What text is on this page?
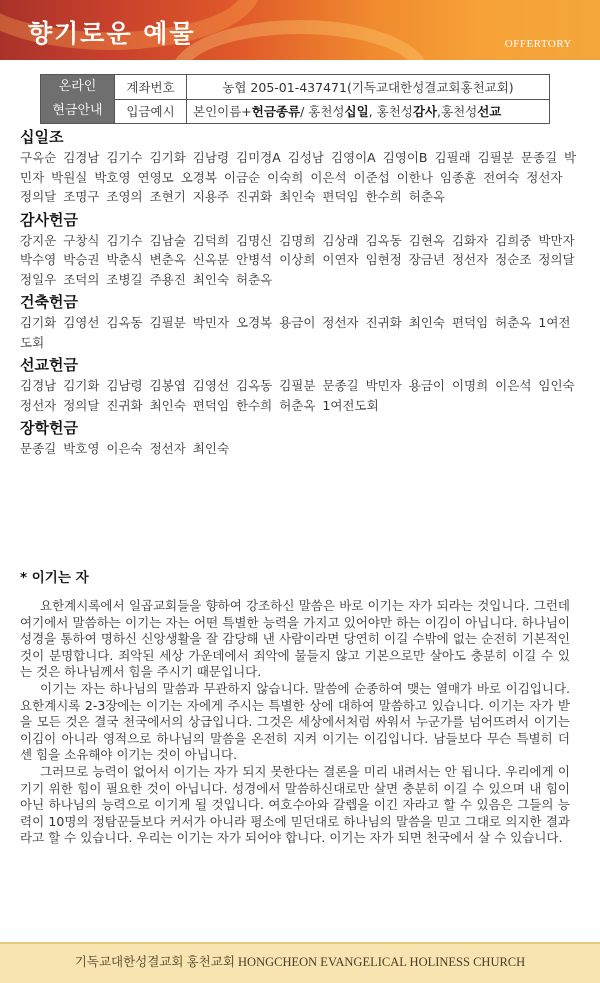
향기로운 예물	OFFERTORY
온라인
현금안내	계좌번호	농협 205-01-437471(기독교대한성결교회홍천교회)
	입금예시	본인이름+헌금종류/ 홍천성십일, 홍천성감사,홍천성선교
십일조
구옥순 김경남 김기수 김기화 김남령 김미경A 김성남 김영이A 김영이B 김필래 김필분 문종길 박민자 박원실 박호영 연영모 오경복 이금순 이숙희 이은석 이준섭 이한나 임종훈 전여숙 정선자 정의달 조명구 조영의 조현기 지용주 진귀화 최인숙 편덕임 한수희 허춘옥
감사헌금
강지운 구창식 김기수 김남술 김덕희 김명신 김명희 김상래 김옥동 김현옥 김화자 김희중 박만자 박수영 박승권 박춘식 변춘옥 신옥분 안병석 이상희 이연자 임현정 장금년 정선자 정순조 정의달 정일우 조덕의 조병길 주용진 최인숙 허춘옥
건축헌금
김기화 김영선 김옥동 김필분 박민자 오경복 용금이 정선자 진귀화 최인숙 편덕임 허춘옥 1여전도회
선교헌금
김경남 김기화 김남령 김봉엽 김영선 김옥동 김필분 문종길 박민자 용금이 이명희 이은석 임인숙 정선자 정의달 진귀화 최인숙 편덕임 한수희 허춘옥 1여전도회
장학헌금
문종길 박호영 이은숙 정선자 최인숙
* 이기는 자

요한계시록에서 일곱교회들을 향하여 강조하신 말씀은 바로 이기는 자가 되라는 것입니다. 그런데 여기에서 말씀하는 이기는 자는 어떤 특별한 능력을 가지고 있어야만 하는 이김이 아닙니다. 하나님이 성경을 통하여 명하신 신앙생활을 잘 감당해 낸 사람이라면 당연히 이길 수밖에 없는 순전히 기본적인 것이 분명합니다. 죄악된 세상 가운데에서 죄악에 물들지 않고 기본으로만 살아도 충분히 이길 수 있는 것은 하나님께서 힘을 주시기 때문입니다.

이기는 자는 하나님의 말씀과 무관하지 않습니다. 말씀에 순종하여 맺는 열매가 바로 이김입니다. 요한계시록 2-3장에는 이기는 자에게 주시는 특별한 상에 대하여 말씀하고 있습니다. 이기는 자가 받을 모든 것은 결국 천국에서의 상급입니다. 그것은 세상에서처럼 싸워서 누군가를 넘어뜨려서 이기는 이김이 아니라 영적으로 하나님의 말씀을 온전히 지켜 이기는 이김입니다. 남들보다 무슨 특별히 더 센 힘을 소유해야 이기는 것이 아닙니다.

그러므로 능력이 없어서 이기는 자가 되지 못한다는 결론을 미리 내려서는 안 됩니다. 우리에게 이기기 위한 힘이 필요한 것이 아닙니다. 성경에서 말씀하신대로만 살면 충분히 이길 수 있으며 내 힘이 아닌 하나님의 능력으로 이기게 될 것입니다. 여호수아와 갈렙을 이긴 자라고 할 수 있음은 그들의 능력이 10명의 정탐꾼들보다 커서가 아니라 평소에 믿던대로 하나님의 말씀을 믿고 그대로 의지한 결과라고 할 수 있습니다. 우리는 이기는 자가 되어야 합니다. 이기는 자가 되면 천국에서 살 수 있습니다.

기독교대한성결교회 홍천교회 HONGCHEON EVANGELICAL HOLINESS CHURCH
